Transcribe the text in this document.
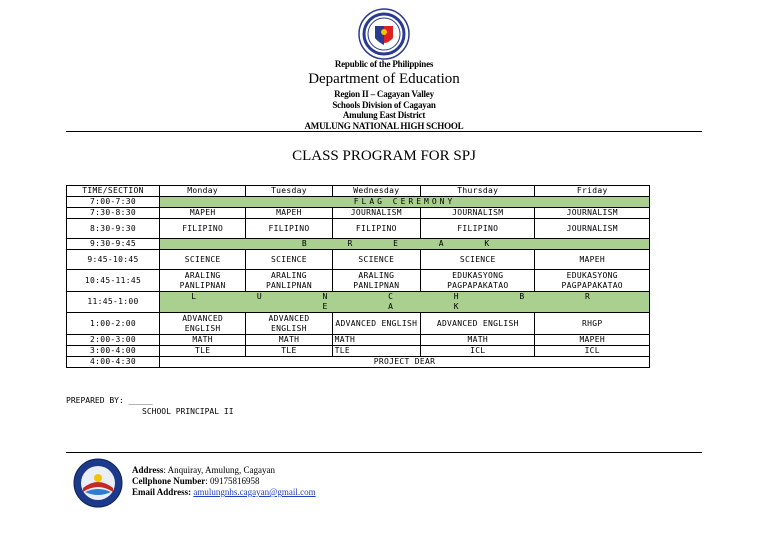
Republic of the Philippines
Department of Education
Region II – Cagayan Valley
Schools Division of Cagayan
Amulung East District
AMULUNG NATIONAL HIGH SCHOOL
CLASS PROGRAM FOR SPJ
TIME/SECTION	Monday	Tuesday	Wednesday	Thursday	Friday
7:00-7:30	FLAG CEREMONY				
7:30-8:30	MAPEH	MAPEH	JOURNALISM	JOURNALISM	JOURNALISM
8:30-9:30	FILIPINO	FILIPINO	FILIPINO	FILIPINO	JOURNALISM
9:30-9:45	B R E A K				
9:45-10:45	SCIENCE	SCIENCE	SCIENCE	SCIENCE	MAPEH
10:45-11:45	ARALING PANLIPNAN	ARALING PANLIPNAN	ARALING PANLIPNAN	EDUKASYONG PAGPAPAKATAO	EDUKASYONG PAGPAPAKATAO
11:45-1:00	L U N C H B R E A K				
1:00-2:00	ADVANCED ENGLISH	ADVANCED ENGLISH	ADVANCED ENGLISH	ADVANCED ENGLISH	RHGP
2:00-3:00	MATH	MATH	MATH	MATH	MAPEH
3:00-4:00	TLE	TLE	TLE	ICL	ICL
4:00-4:30	PROJECT DEAR				
PREPARED BY: _____
SCHOOL PRINCIPAL II
Address: Anquiray, Amulung, Cagayan
Cellphone Number: 09175816958
Email Address: amulungnhs.cagayan@gmail.com
